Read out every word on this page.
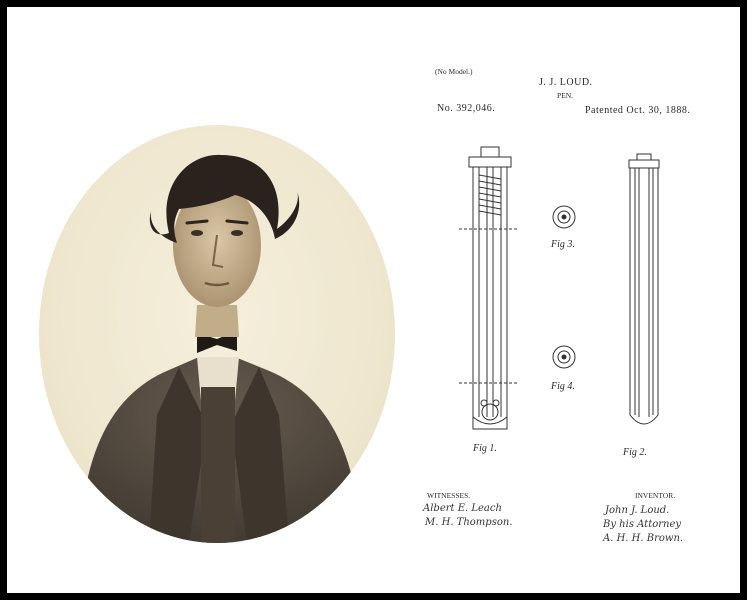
(No Model.)
J. J. LOUD.
PEN.
No. 392,046.	Patented Oct. 30, 1888.
Fig 1.	Fig 2.
Fig 3.
Fig 4.
WITNESSES.
Albert E. Leach
M. H. Thompson.
INVENTOR.
John J. Loud.
By his Attorney
A. H. H. Brown.
